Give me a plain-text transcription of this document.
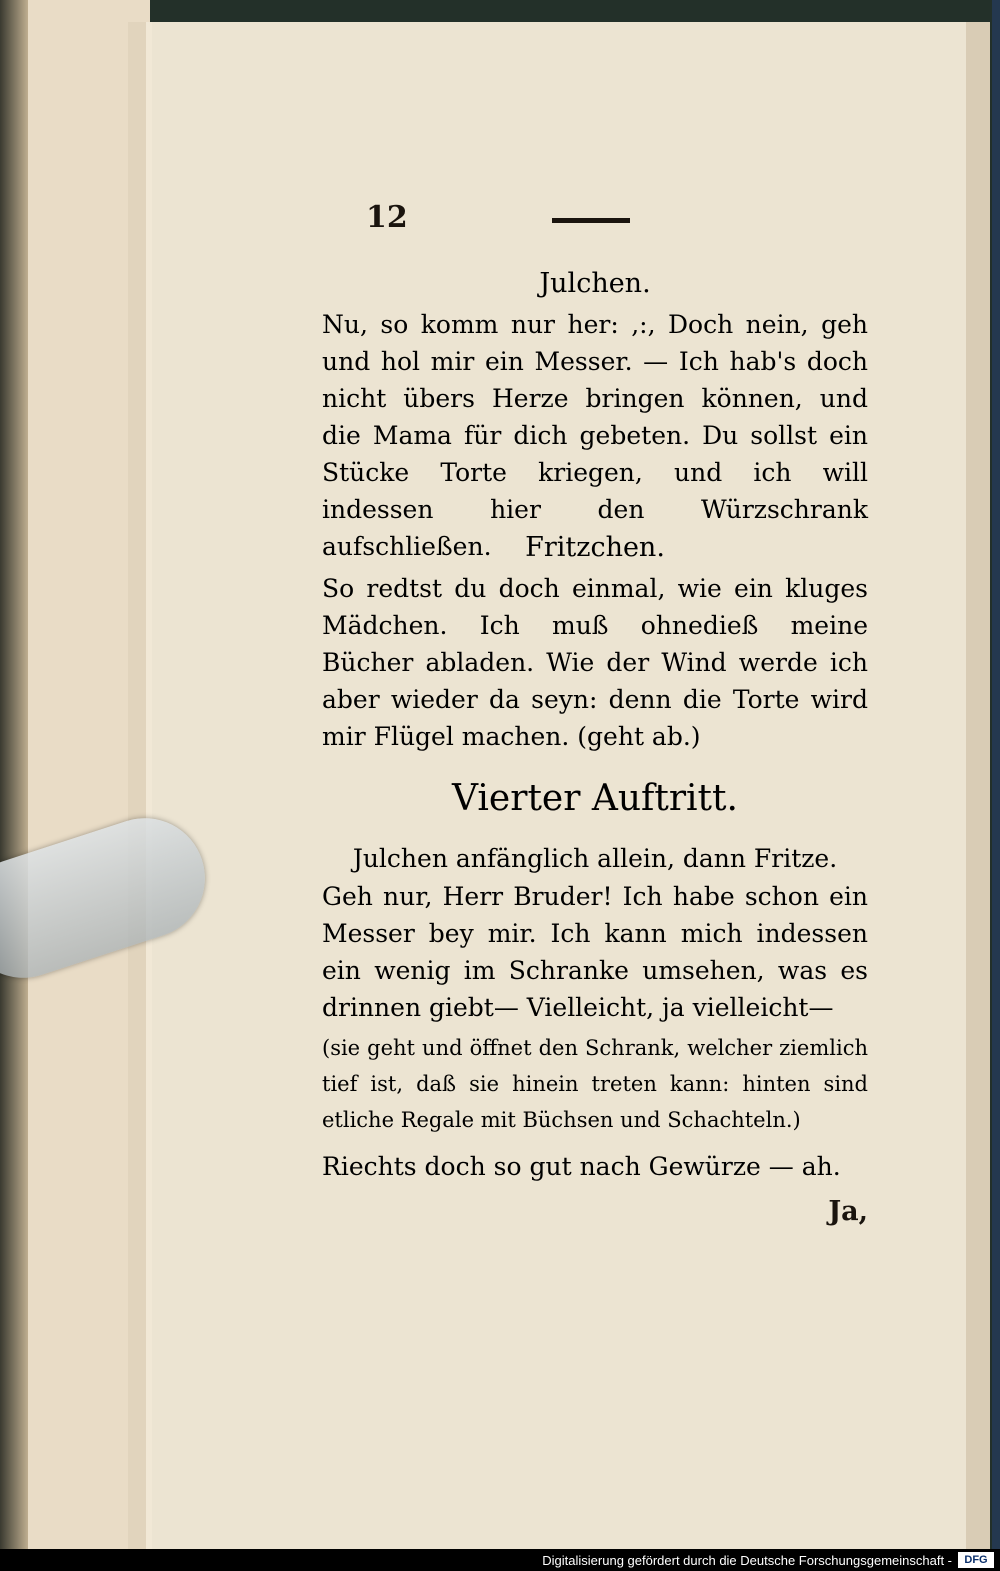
12
Julchen.
Nu, so komm nur her: ,:, Doch nein, geh und hol mir ein Messer. — Ich hab's doch nicht übers Herze bringen können, und die Mama für dich gebeten. Du sollst ein Stücke Torte kriegen, und ich will indessen hier den Würzschrank aufschließen.	Fritzchen.
So redtst du doch einmal, wie ein kluges Mädchen. Ich muß ohnedieß meine Bücher abladen. Wie der Wind werde ich aber wieder da seyn: denn die Torte wird mir Flügel machen. (geht ab.)
Vierter Auftritt.
Julchen anfänglich allein, dann Fritze.
Geh nur, Herr Bruder! Ich habe schon ein Messer bey mir. Ich kann mich indessen ein wenig im Schranke umsehen, was es drinnen giebt— Vielleicht, ja vielleicht—
(sie geht und öffnet den Schrank, welcher ziemlich tief ist, daß sie hinein treten kann: hinten sind etliche Regale mit Büchsen und Schachteln.)
Riechts doch so gut nach Gewürze — ah.
Ja,
Digitalisierung gefördert durch die Deutsche Forschungsgemeinschaft -	DFG
